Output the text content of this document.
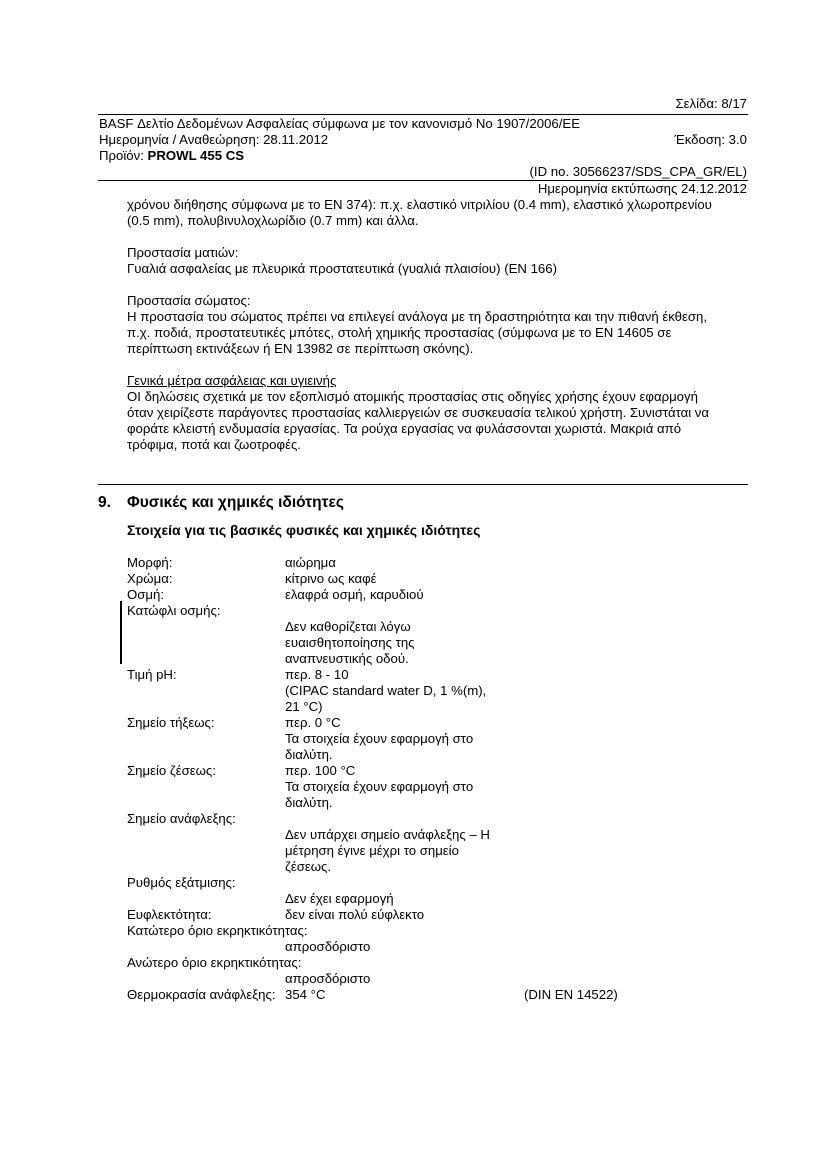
Σελίδα: 8/17
BASF Δελτίο Δεδομένων Ασφαλείας σύμφωνα με τον κανονισμό Νο 1907/2006/ΕΕ
Ημερομηνία / Αναθεώρηση: 28.11.2012	Έκδοση: 3.0
Προϊόν: PROWL 455 CS
(ID no. 30566237/SDS_CPA_GR/EL)
Ημερομηνία εκτύπωσης 24.12.2012
χρόνου διήθησης σύμφωνα με το EN 374): π.χ. ελαστικό νιτριλίου (0.4 mm), ελαστικό χλωροπρενίου
(0.5 mm), πολυβινυλοχλωρίδιο (0.7 mm) και άλλα.
Προστασία ματιών:
Γυαλιά ασφαλείας με πλευρικά προστατευτικά (γυαλιά πλαισίου) (EN 166)
Προστασία σώματος:
Η προστασία του σώματος πρέπει να επιλεγεί ανάλογα με τη δραστηριότητα και την πιθανή έκθεση,
π.χ. ποδιά, προστατευτικές μπότες, στολή χημικής προστασίας (σύμφωνα με το EN 14605 σε
περίπτωση εκτινάξεων ή EN 13982 σε περίπτωση σκόνης).
Γενικά μέτρα ασφάλειας και υγιεινής
ΟΙ δηλώσεις σχετικά με τον εξοπλισμό ατομικής προστασίας στις οδηγίες χρήσης έχουν εφαρμογή
όταν χειρίζεστε παράγοντες προστασίας καλλιεργειών σε συσκευασία τελικού χρήστη. Συνιστάται να
φοράτε κλειστή ενδυμασία εργασίας. Τα ρούχα εργασίας να φυλάσσονται χωριστά. Μακριά από
τρόφιμα, ποτά και ζωοτροφές.
9. Φυσικές και χημικές ιδιότητες
Στοιχεία για τις βασικές φυσικές και χημικές ιδιότητες
Μορφή:	αιώρημα
Χρώμα:	κίτρινο ως καφέ
Οσμή:	ελαφρά οσμή, καρυδιού
Κατώφλι οσμής:
Δεν καθορίζεται λόγω
ευαισθητοποίησης της
αναπνευστικής οδού.
Τιμή pH:	περ. 8 - 10
(CIPAC standard water D, 1 %(m),
21 °C)
Σημείο τήξεως:	περ. 0 °C
Τα στοιχεία έχουν εφαρμογή στο
διαλύτη.
Σημείο ζέσεως:	περ. 100 °C
Τα στοιχεία έχουν εφαρμογή στο
διαλύτη.
Σημείο ανάφλεξης:
Δεν υπάρχει σημείο ανάφλεξης – Η
μέτρηση έγινε μέχρι το σημείο
ζέσεως.
Ρυθμός εξάτμισης:
Δεν έχει εφαρμογή
Ευφλεκτότητα:	δεν είναι πολύ εύφλεκτο
Κατώτερο όριο εκρηκτικότητας:
απροσδόριστο
Ανώτερο όριο εκρηκτικότητας:
απροσδόριστο
Θερμοκρασία ανάφλεξης: 354 °C	(DIN EN 14522)
